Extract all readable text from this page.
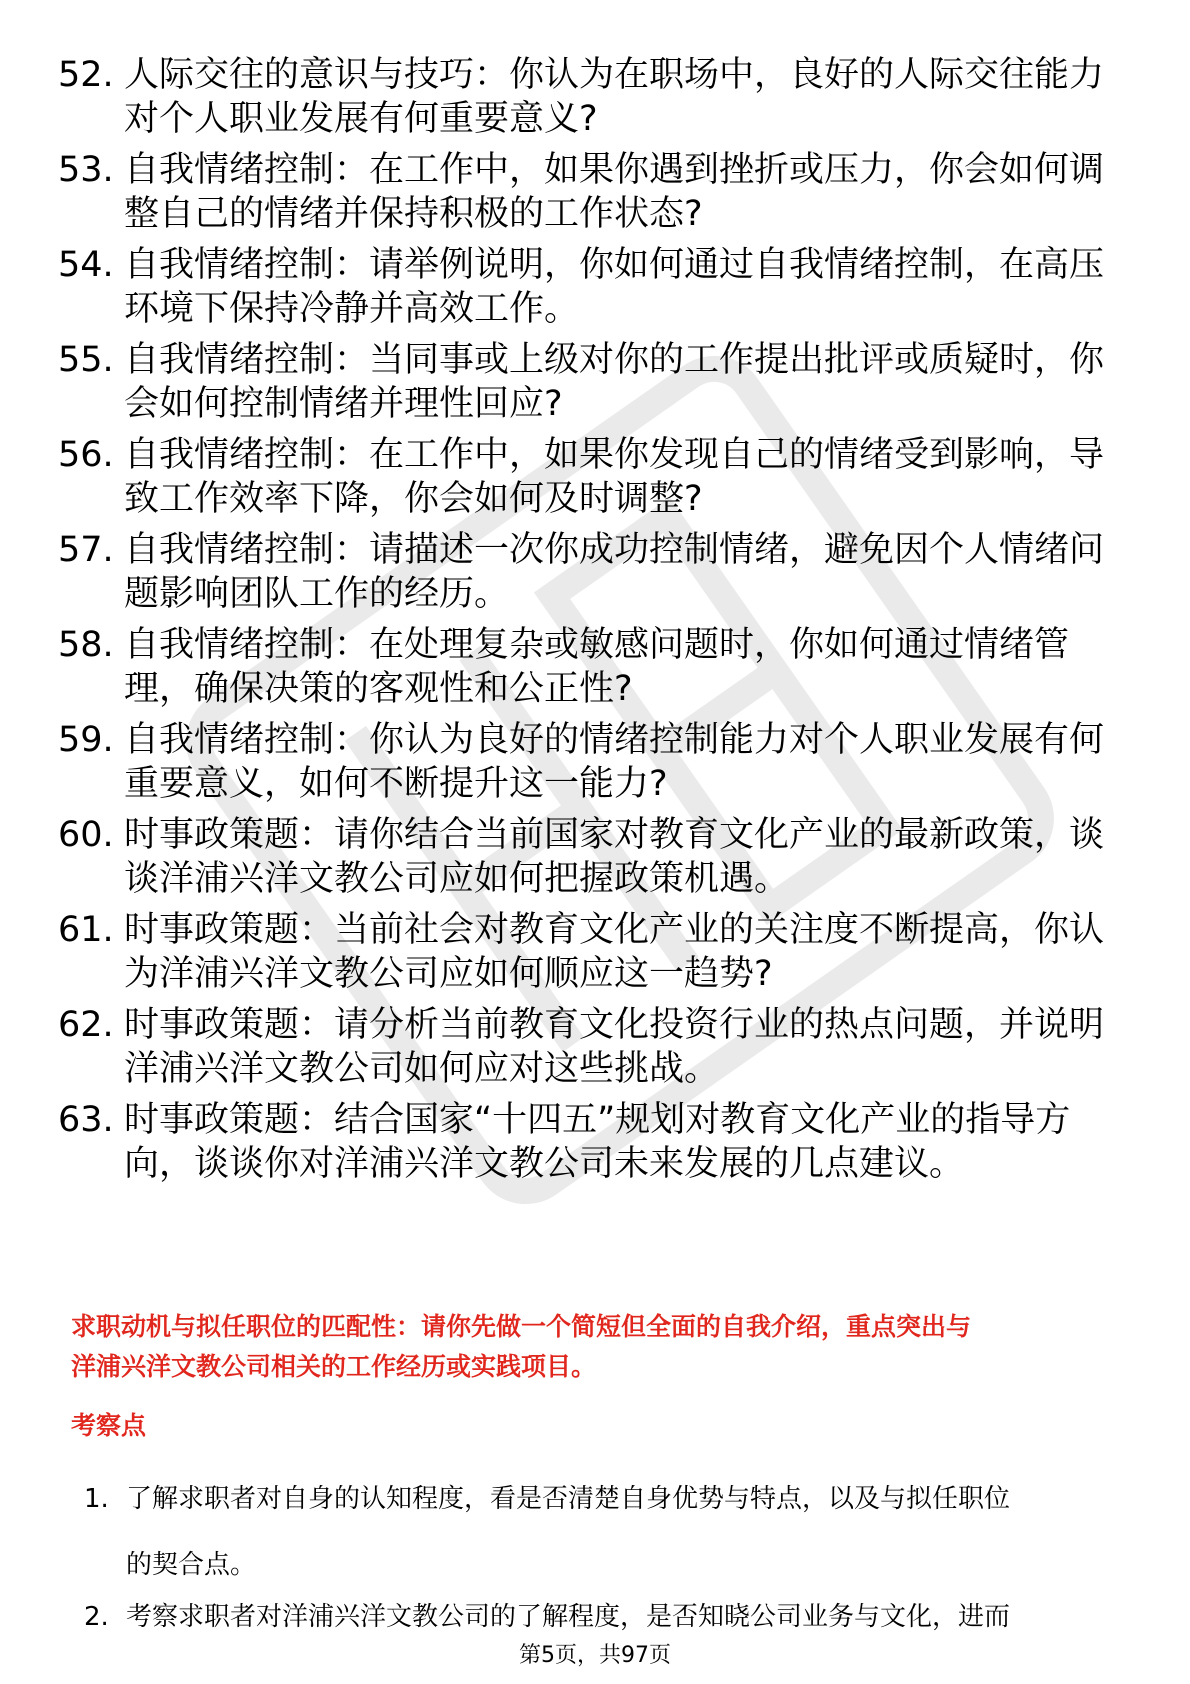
52. 人际交往的意识与技巧：你认为在职场中，良好的人际交往能力
对个人职业发展有何重要意义?
53. 自我情绪控制：在工作中，如果你遇到挫折或压力，你会如何调
整自己的情绪并保持积极的工作状态?
54. 自我情绪控制：请举例说明，你如何通过自我情绪控制，在高压
环境下保持冷静并高效工作。
55. 自我情绪控制：当同事或上级对你的工作提出批评或质疑时，你
会如何控制情绪并理性回应?
56. 自我情绪控制：在工作中，如果你发现自己的情绪受到影响，导
致工作效率下降，你会如何及时调整?
57. 自我情绪控制：请描述一次你成功控制情绪，避免因个人情绪问
题影响团队工作的经历。
58. 自我情绪控制：在处理复杂或敏感问题时，你如何通过情绪管
理，确保决策的客观性和公正性?
59. 自我情绪控制：你认为良好的情绪控制能力对个人职业发展有何
重要意义，如何不断提升这一能力?
60. 时事政策题：请你结合当前国家对教育文化产业的最新政策，谈
谈洋浦兴洋文教公司应如何把握政策机遇。
61. 时事政策题：当前社会对教育文化产业的关注度不断提高，你认
为洋浦兴洋文教公司应如何顺应这一趋势?
62. 时事政策题：请分析当前教育文化投资行业的热点问题，并说明
洋浦兴洋文教公司如何应对这些挑战。
63. 时事政策题：结合国家“十四五”规划对教育文化产业的指导方
向，谈谈你对洋浦兴洋文教公司未来发展的几点建议。
求职动机与拟任职位的匹配性：请你先做一个简短但全面的自我介绍，重点突出与
洋浦兴洋文教公司相关的工作经历或实践项目。
考察点
1. 了解求职者对自身的认知程度，看是否清楚自身优势与特点，以及与拟任职位
的契合点。
2. 考察求职者对洋浦兴洋文教公司的了解程度，是否知晓公司业务与文化，进而
第5页，共97页
